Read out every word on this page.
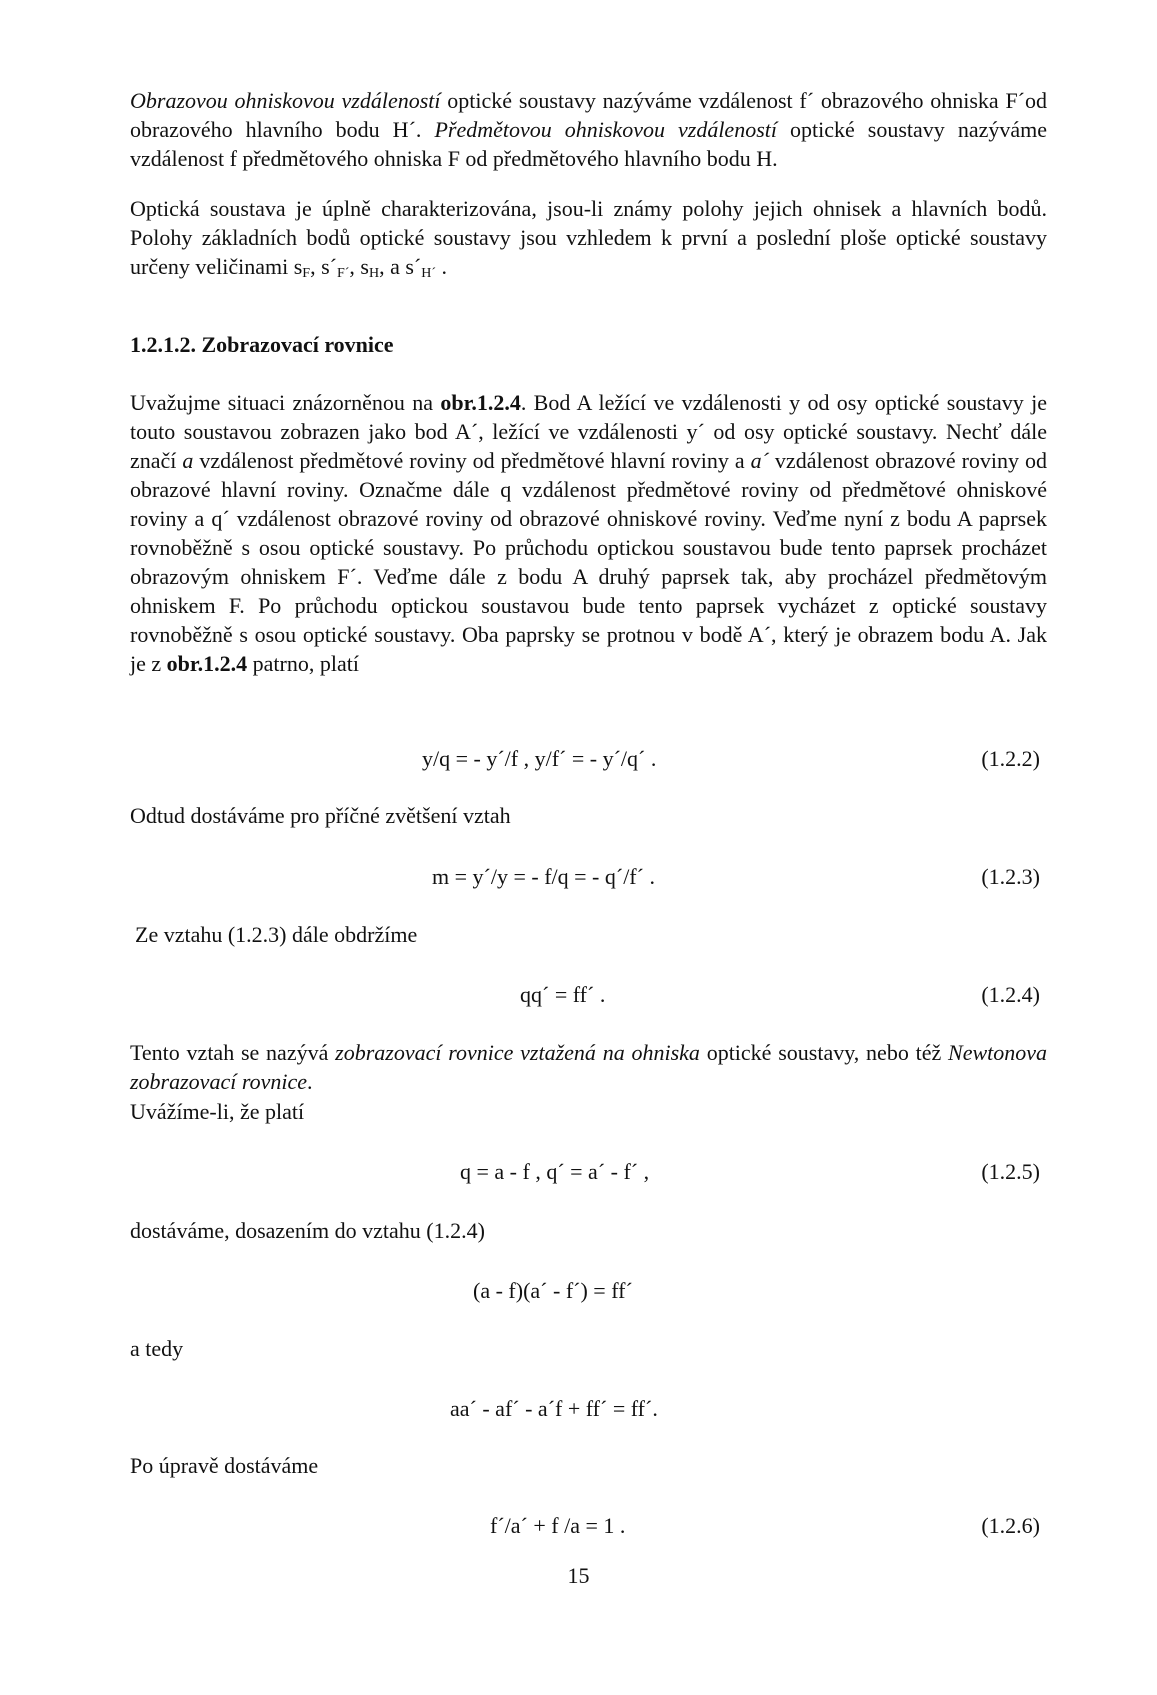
Obrazovou ohniskovou vzdáleností optické soustavy nazýváme vzdálenost f´ obrazového ohniska F´od obrazového hlavního bodu H´. Předmětovou ohniskovou vzdáleností optické soustavy nazýváme vzdálenost f předmětového ohniska F od předmětového hlavního bodu H.

Optická soustava je úplně charakterizována, jsou-li známy polohy jejich ohnisek a hlavních bodů. Polohy základních bodů optické soustavy jsou vzhledem k první a poslední ploše optické soustavy určeny veličinami $s_F$, $s´_{F´}$, $s_H$, a $s´_{H´}$ .

1.2.1.2. Zobrazovací rovnice

Uvažujme situaci znázorněnou na obr.1.2.4. Bod A ležící ve vzdálenosti y od osy optické soustavy je touto soustavou zobrazen jako bod A´, ležící ve vzdálenosti y´ od osy optické soustavy. Nechť dále značí a vzdálenost předmětové roviny od předmětové hlavní roviny a a´ vzdálenost obrazové roviny od obrazové hlavní roviny. Označme dále q vzdálenost předmětové roviny od předmětové ohniskové roviny a q´ vzdálenost obrazové roviny od obrazové ohniskové roviny. Veďme nyní z bodu A paprsek rovnoběžně s osou optické soustavy. Po průchodu optickou soustavou bude tento paprsek procházet obrazovým ohniskem F´. Veďme dále z bodu A druhý paprsek tak, aby procházel předmětovým ohniskem F. Po průchodu optickou soustavou bude tento paprsek vycházet z optické soustavy rovnoběžně s osou optické soustavy. Oba paprsky se protnou v bodě A´, který je obrazem bodu A. Jak je z obr.1.2.4 patrno, platí

y/q = - y´/f , y/f´ = - y´/q´ .	(1.2.2)
Odtud dostáváme pro příčné zvětšení vztah
m = y´/y = - f/q = - q´/f´ .	(1.2.3)
Ze vztahu (1.2.3) dále obdržíme
qq´ = ff´ .	(1.2.4)

Tento vztah se nazývá zobrazovací rovnice vztažená na ohniska optické soustavy, nebo též Newtonova zobrazovací rovnice.

Uvážíme-li, že platí
q = a - f , q´ = a´ - f´ ,	(1.2.5)
dostáváme, dosazením do vztahu (1.2.4)
(a - f)(a´ - f´) = ff´
a tedy
aa´ - af´ - a´f + ff´ = ff´.
Po úpravě dostáváme
f´/a´ + f /a = 1 .	(1.2.6)
15
